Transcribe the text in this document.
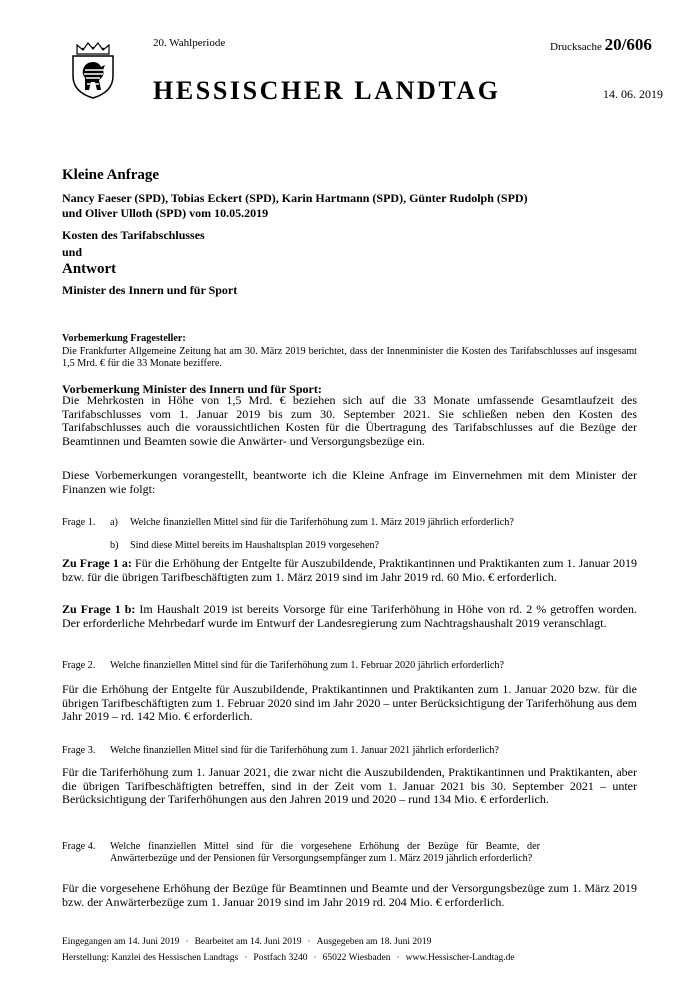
20. Wahlperiode	Drucksache 20/606
HESSISCHER LANDTAG	14. 06. 2019
Kleine Anfrage
Nancy Faeser (SPD), Tobias Eckert (SPD), Karin Hartmann (SPD), Günter Rudolph (SPD) und Oliver Ulloth (SPD) vom 10.05.2019
Kosten des Tarifabschlusses
und
Antwort
Minister des Innern und für Sport
Vorbemerkung Fragesteller:
Die Frankfurter Allgemeine Zeitung hat am 30. März 2019 berichtet, dass der Innenminister die Kosten des Tarifabschlusses auf insgesamt 1,5 Mrd. € für die 33 Monate beziffere.
Vorbemerkung Minister des Innern und für Sport:
Die Mehrkosten in Höhe von 1,5 Mrd. € beziehen sich auf die 33 Monate umfassende Gesamtlaufzeit des Tarifabschlusses vom 1. Januar 2019 bis zum 30. September 2021. Sie schließen neben den Kosten des Tarifabschlusses auch die voraussichtlichen Kosten für die Übertragung des Tarifabschlusses auf die Bezüge der Beamtinnen und Beamten sowie die Anwärter- und Versorgungsbezüge ein.
Diese Vorbemerkungen vorangestellt, beantworte ich die Kleine Anfrage im Einvernehmen mit dem Minister der Finanzen wie folgt:
Frage 1. a) Welche finanziellen Mittel sind für die Tariferhöhung zum 1. März 2019 jährlich erforderlich?
b) Sind diese Mittel bereits im Haushaltsplan 2019 vorgesehen?
Zu Frage 1 a: Für die Erhöhung der Entgelte für Auszubildende, Praktikantinnen und Praktikanten zum 1. Januar 2019 bzw. für die übrigen Tarifbeschäftigten zum 1. März 2019 sind im Jahr 2019 rd. 60 Mio. € erforderlich.
Zu Frage 1 b: Im Haushalt 2019 ist bereits Vorsorge für eine Tariferhöhung in Höhe von rd. 2 % getroffen worden. Der erforderliche Mehrbedarf wurde im Entwurf der Landesregierung zum Nachtragshaushalt 2019 veranschlagt.
Frage 2. Welche finanziellen Mittel sind für die Tariferhöhung zum 1. Februar 2020 jährlich erforderlich?
Für die Erhöhung der Entgelte für Auszubildende, Praktikantinnen und Praktikanten zum 1. Januar 2020 bzw. für die übrigen Tarifbeschäftigten zum 1. Februar 2020 sind im Jahr 2020 – unter Berücksichtigung der Tariferhöhung aus dem Jahr 2019 – rd. 142 Mio. € erforderlich.
Frage 3. Welche finanziellen Mittel sind für die Tariferhöhung zum 1. Januar 2021 jährlich erforderlich?
Für die Tariferhöhung zum 1. Januar 2021, die zwar nicht die Auszubildenden, Praktikantinnen und Praktikanten, aber die übrigen Tarifbeschäftigten betreffen, sind in der Zeit vom 1. Januar 2021 bis 30. September 2021 – unter Berücksichtigung der Tariferhöhungen aus den Jahren 2019 und 2020 – rund 134 Mio. € erforderlich.
Frage 4. Welche finanziellen Mittel sind für die vorgesehene Erhöhung der Bezüge für Beamte, der Anwärterbezüge und der Pensionen für Versorgungsempfänger zum 1. März 2019 jährlich erforderlich?
Für die vorgesehene Erhöhung der Bezüge für Beamtinnen und Beamte und der Versorgungsbezüge zum 1. März 2019 bzw. der Anwärterbezüge zum 1. Januar 2019 sind im Jahr 2019 rd. 204 Mio. € erforderlich.
Eingegangen am 14. Juni 2019 · Bearbeitet am 14. Juni 2019 · Ausgegeben am 18. Juni 2019
Herstellung: Kanzlei des Hessischen Landtags · Postfach 3240 · 65022 Wiesbaden · www.Hessischer-Landtag.de
